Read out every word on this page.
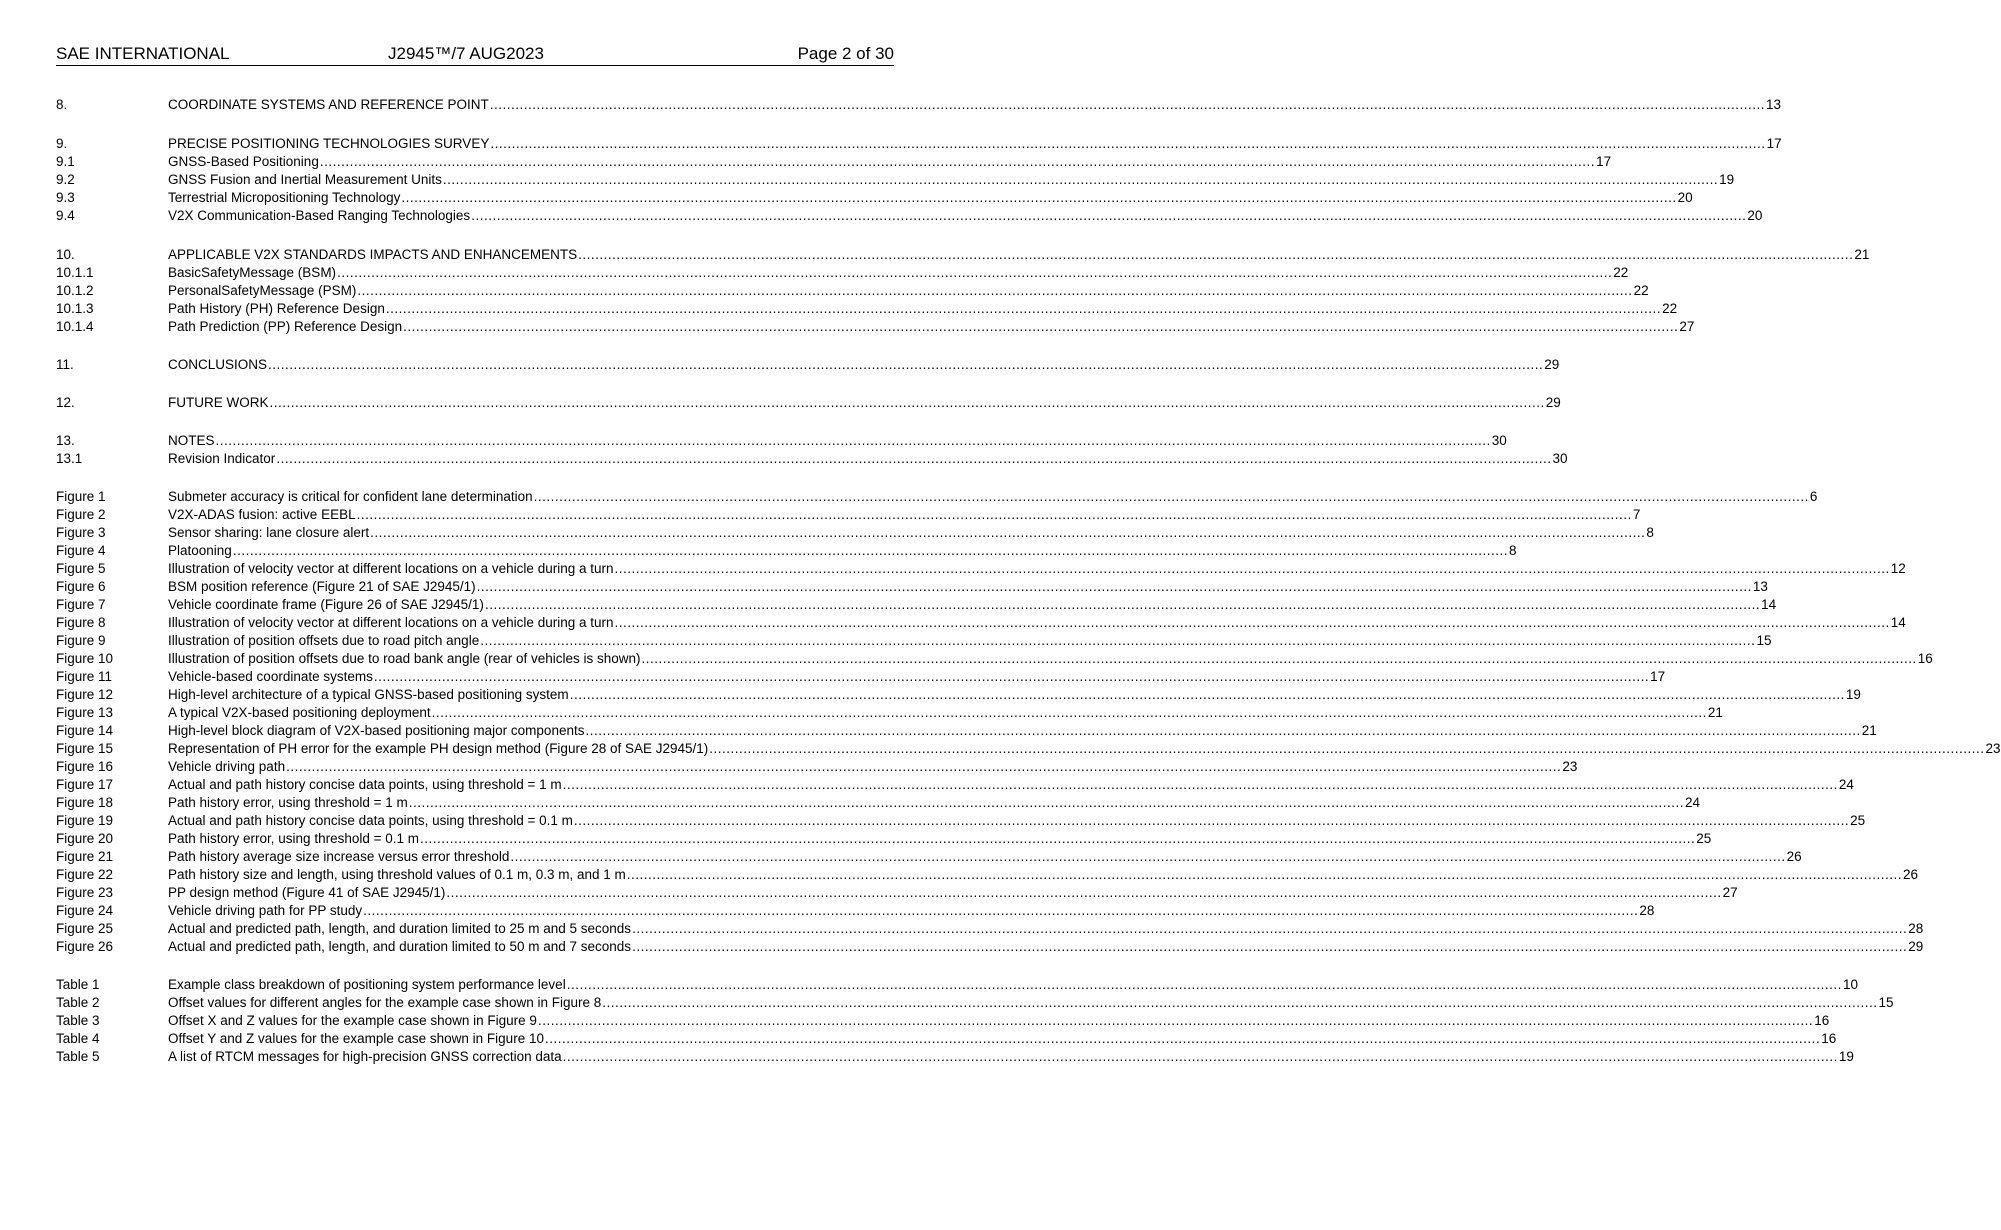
SAE INTERNATIONAL	J2945™/7 AUG2023	Page 2 of 30
8.	COORDINATE SYSTEMS AND REFERENCE POINT ............................................................................................................................................................................................................................................................................................................ 13
9.	PRECISE POSITIONING TECHNOLOGIES SURVEY ............................................................................................................................................................................................................................................................................................................ 17
9.1	GNSS-Based Positioning ............................................................................................................................................................................................................................................................................................................ 17
9.2	GNSS Fusion and Inertial Measurement Units ............................................................................................................................................................................................................................................................................................................ 19
9.3	Terrestrial Micropositioning Technology ............................................................................................................................................................................................................................................................................................................ 20
9.4	V2X Communication-Based Ranging Technologies ............................................................................................................................................................................................................................................................................................................ 20
10.	APPLICABLE V2X STANDARDS IMPACTS AND ENHANCEMENTS ............................................................................................................................................................................................................................................................................................................ 21
10.1.1	BasicSafetyMessage (BSM) ............................................................................................................................................................................................................................................................................................................ 22
10.1.2	PersonalSafetyMessage (PSM) ............................................................................................................................................................................................................................................................................................................ 22
10.1.3	Path History (PH) Reference Design ............................................................................................................................................................................................................................................................................................................ 22
10.1.4	Path Prediction (PP) Reference Design ............................................................................................................................................................................................................................................................................................................ 27
11.	CONCLUSIONS ............................................................................................................................................................................................................................................................................................................ 29
12.	FUTURE WORK ............................................................................................................................................................................................................................................................................................................ 29
13.	NOTES ............................................................................................................................................................................................................................................................................................................ 30
13.1	Revision Indicator ............................................................................................................................................................................................................................................................................................................ 30
Figure 1	Submeter accuracy is critical for confident lane determination ............................................................................................................................................................................................................................................................................................................ 6
Figure 2	V2X-ADAS fusion: active EEBL ............................................................................................................................................................................................................................................................................................................ 7
Figure 3	Sensor sharing: lane closure alert ............................................................................................................................................................................................................................................................................................................ 8
Figure 4	Platooning ............................................................................................................................................................................................................................................................................................................ 8
Figure 5	Illustration of velocity vector at different locations on a vehicle during a turn ............................................................................................................................................................................................................................................................................................................ 12
Figure 6	BSM position reference (Figure 21 of SAE J2945/1) ............................................................................................................................................................................................................................................................................................................ 13
Figure 7	Vehicle coordinate frame (Figure 26 of SAE J2945/1) ............................................................................................................................................................................................................................................................................................................ 14
Figure 8	Illustration of velocity vector at different locations on a vehicle during a turn ............................................................................................................................................................................................................................................................................................................ 14
Figure 9	Illustration of position offsets due to road pitch angle ............................................................................................................................................................................................................................................................................................................ 15
Figure 10	Illustration of position offsets due to road bank angle (rear of vehicles is shown) ............................................................................................................................................................................................................................................................................................................ 16
Figure 11	Vehicle-based coordinate systems ............................................................................................................................................................................................................................................................................................................ 17
Figure 12	High-level architecture of a typical GNSS-based positioning system ............................................................................................................................................................................................................................................................................................................ 19
Figure 13	A typical V2X-based positioning deployment ............................................................................................................................................................................................................................................................................................................ 21
Figure 14	High-level block diagram of V2X-based positioning major components ............................................................................................................................................................................................................................................................................................................ 21
Figure 15	Representation of PH error for the example PH design method (Figure 28 of SAE J2945/1) ............................................................................................................................................................................................................................................................................................................ 23
Figure 16	Vehicle driving path ............................................................................................................................................................................................................................................................................................................ 23
Figure 17	Actual and path history concise data points, using threshold = 1 m ............................................................................................................................................................................................................................................................................................................ 24
Figure 18	Path history error, using threshold = 1 m ............................................................................................................................................................................................................................................................................................................ 24
Figure 19	Actual and path history concise data points, using threshold = 0.1 m ............................................................................................................................................................................................................................................................................................................ 25
Figure 20	Path history error, using threshold = 0.1 m ............................................................................................................................................................................................................................................................................................................ 25
Figure 21	Path history average size increase versus error threshold ............................................................................................................................................................................................................................................................................................................ 26
Figure 22	Path history size and length, using threshold values of 0.1 m, 0.3 m, and 1 m ............................................................................................................................................................................................................................................................................................................ 26
Figure 23	PP design method (Figure 41 of SAE J2945/1) ............................................................................................................................................................................................................................................................................................................ 27
Figure 24	Vehicle driving path for PP study ............................................................................................................................................................................................................................................................................................................ 28
Figure 25	Actual and predicted path, length, and duration limited to 25 m and 5 seconds ............................................................................................................................................................................................................................................................................................................ 28
Figure 26	Actual and predicted path, length, and duration limited to 50 m and 7 seconds ............................................................................................................................................................................................................................................................................................................ 29
Table 1	Example class breakdown of positioning system performance level ............................................................................................................................................................................................................................................................................................................ 10
Table 2	Offset values for different angles for the example case shown in Figure 8 ............................................................................................................................................................................................................................................................................................................ 15
Table 3	Offset X and Z values for the example case shown in Figure 9 ............................................................................................................................................................................................................................................................................................................ 16
Table 4	Offset Y and Z values for the example case shown in Figure 10 ............................................................................................................................................................................................................................................................................................................ 16
Table 5	A list of RTCM messages for high-precision GNSS correction data ............................................................................................................................................................................................................................................................................................................ 19
